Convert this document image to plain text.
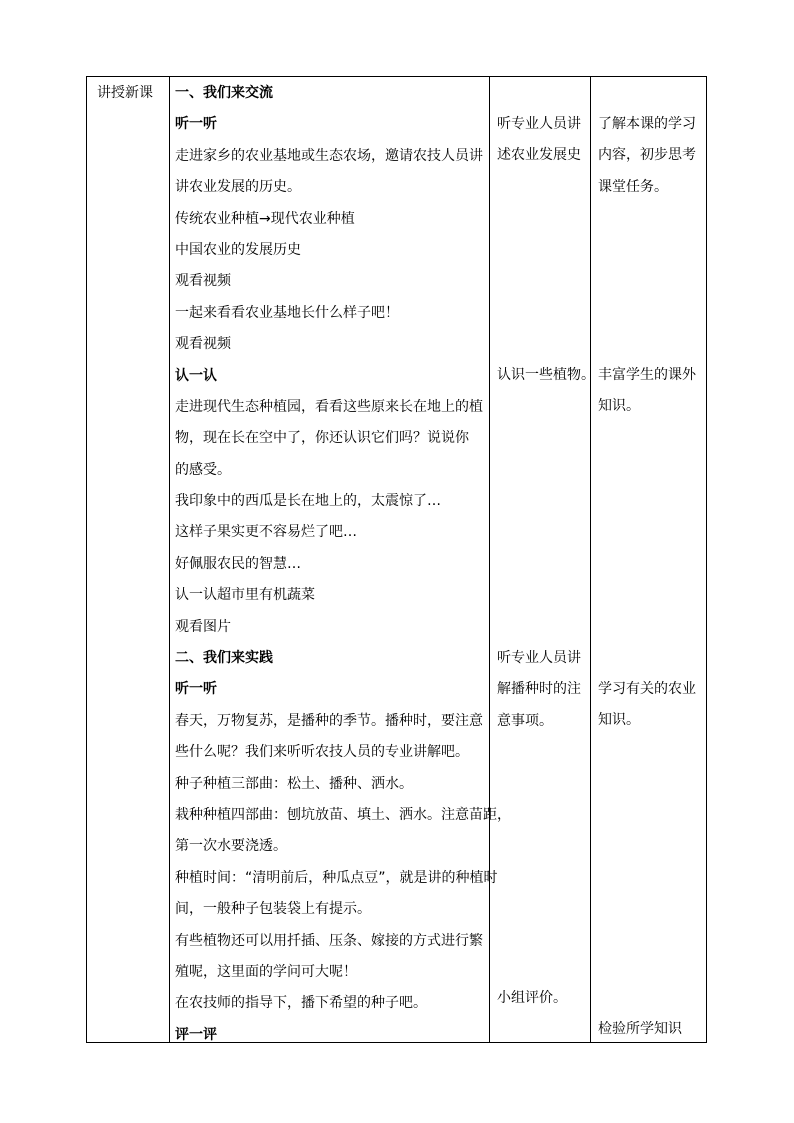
讲授新课 一、我们来交流
听一听
走进家乡的农业基地或生态农场，邀请农技人员讲
讲农业发展的历史。
传统农业种植→现代农业种植
中国农业的发展历史
观看视频
一起来看看农业基地长什么样子吧！
观看视频
认一认
走进现代生态种植园，看看这些原来长在地上的植
物，现在长在空中了，你还认识它们吗？说说你
的感受。
我印象中的西瓜是长在地上的，太震惊了…
这样子果实更不容易烂了吧…
好佩服农民的智慧…
认一认超市里有机蔬菜
观看图片
二、我们来实践
听一听
春天，万物复苏，是播种的季节。播种时，要注意
些什么呢？我们来听听农技人员的专业讲解吧。
种子种植三部曲：松土、播种、洒水。
栽种种植四部曲：刨坑放苗、填土、洒水。注意苗距，
第一次水要浇透。
种植时间：“清明前后，种瓜点豆”，就是讲的种植时
间，一般种子包装袋上有提示。
有些植物还可以用扦插、压条、嫁接的方式进行繁
殖呢，这里面的学问可大呢！
在农技师的指导下，播下希望的种子吧。
评一评
听专业人员讲
述农业发展史
认识一些植物。
听专业人员讲
解播种时的注
意事项。
小组评价。
了解本课的学习
内容，初步思考
课堂任务。
丰富学生的课外
知识。
学习有关的农业
知识。
检验所学知识
